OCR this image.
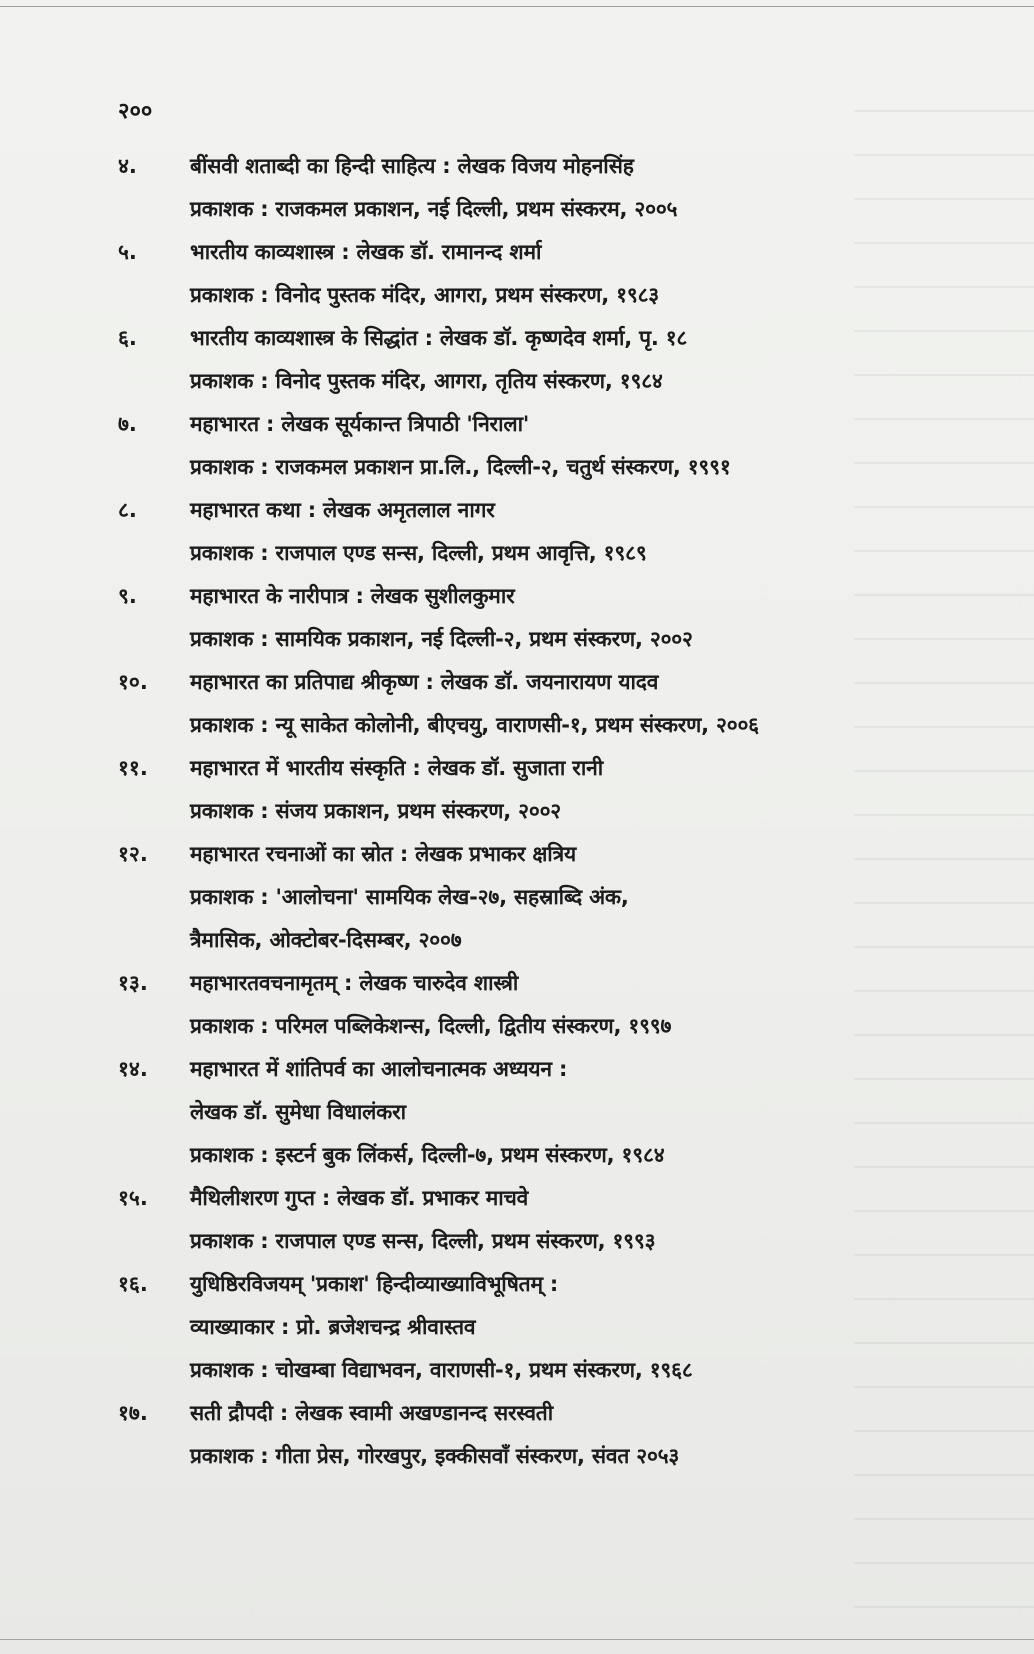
२००
४.	बींसवी शताब्दी का हिन्दी साहित्य : लेखक विजय मोहनसिंह
प्रकाशक : राजकमल प्रकाशन, नई दिल्ली, प्रथम संस्करम, २००५
५.	भारतीय काव्यशास्त्र : लेखक डॉ. रामानन्द शर्मा
प्रकाशक : विनोद पुस्तक मंदिर, आगरा, प्रथम संस्करण, १९८३
६.	भारतीय काव्यशास्त्र के सिद्धांत : लेखक डॉ. कृष्णदेव शर्मा, पृ. १८
प्रकाशक : विनोद पुस्तक मंदिर, आगरा, तृतिय संस्करण, १९८४
७.	महाभारत : लेखक सूर्यकान्त त्रिपाठी 'निराला'
प्रकाशक : राजकमल प्रकाशन प्रा.लि., दिल्ली-२, चतुर्थ संस्करण, १९९१
८.	महाभारत कथा : लेखक अमृतलाल नागर
प्रकाशक : राजपाल एण्ड सन्स, दिल्ली, प्रथम आवृत्ति, १९८९
९.	महाभारत के नारीपात्र : लेखक सुशीलकुमार
प्रकाशक : सामयिक प्रकाशन, नई दिल्ली-२, प्रथम संस्करण, २००२
१०.	महाभारत का प्रतिपाद्य श्रीकृष्ण : लेखक डॉ. जयनारायण यादव
प्रकाशक : न्यू साकेत कोलोनी, बीएचयु, वाराणसी-१, प्रथम संस्करण, २००६
११.	महाभारत में भारतीय संस्कृति : लेखक डॉ. सुजाता रानी
प्रकाशक : संजय प्रकाशन, प्रथम संस्करण, २००२
१२.	महाभारत रचनाओं का स्रोत : लेखक प्रभाकर क्षत्रिय
प्रकाशक : 'आलोचना' सामयिक लेख-२७, सहस्राब्दि अंक,
त्रैमासिक, ओक्टोबर-दिसम्बर, २००७
१३.	महाभारतवचनामृतम् : लेखक चारुदेव शास्त्री
प्रकाशक : परिमल पब्लिकेशन्स, दिल्ली, द्वितीय संस्करण, १९९७
१४.	महाभारत में शांतिपर्व का आलोचनात्मक अध्ययन :
लेखक डॉ. सुमेधा विधालंकरा
प्रकाशक : इस्टर्न बुक लिंकर्स, दिल्ली-७, प्रथम संस्करण, १९८४
१५.	मैथिलीशरण गुप्त : लेखक डॉ. प्रभाकर माचवे
प्रकाशक : राजपाल एण्ड सन्स, दिल्ली, प्रथम संस्करण, १९९३
१६.	युधिष्ठिरविजयम् 'प्रकाश' हिन्दीव्याख्याविभूषितम् :
व्याख्याकार : प्रो. ब्रजेशचन्द्र श्रीवास्तव
प्रकाशक : चोखम्बा विद्याभवन, वाराणसी-१, प्रथम संस्करण, १९६८
१७.	सती द्रौपदी : लेखक स्वामी अखण्डानन्द सरस्वती
प्रकाशक : गीता प्रेस, गोरखपुर, इक्कीसवाँ संस्करण, संवत २०५३
